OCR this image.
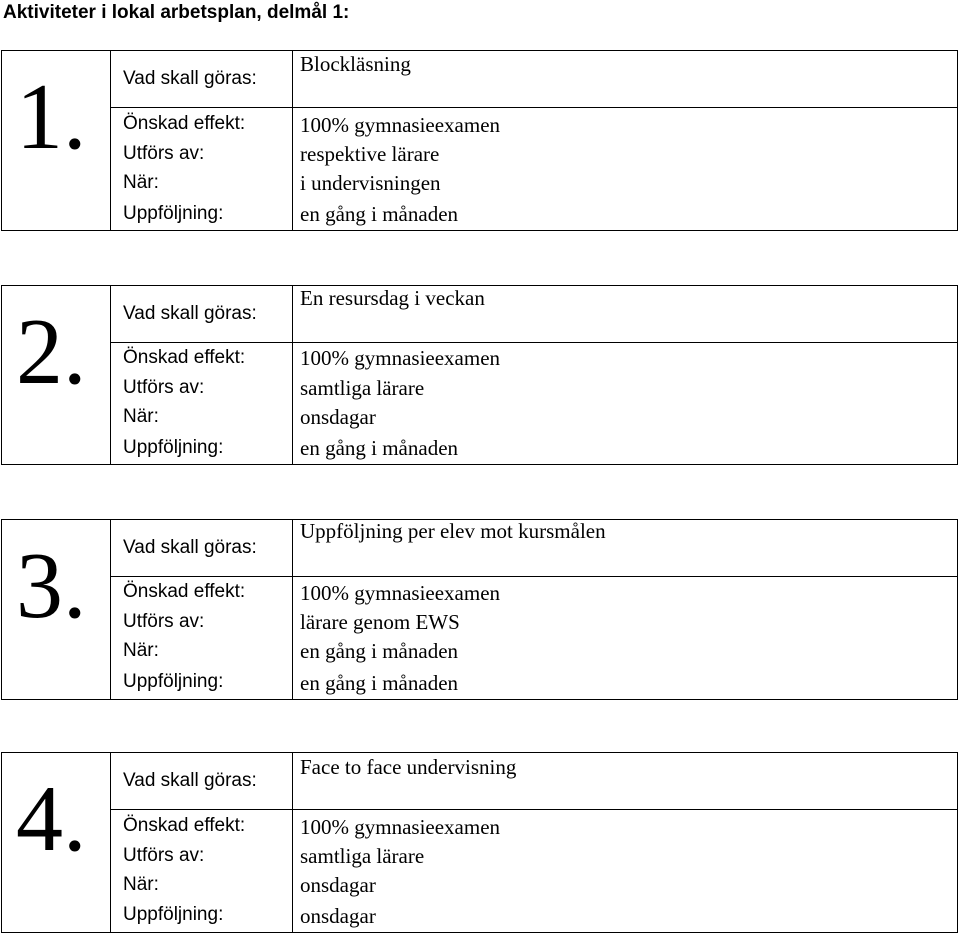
Aktiviteter i lokal arbetsplan, delmål 1:
1. Vad skall göras:
Önskad effekt:
Utförs av:
När:
Uppföljning:
Blockläsning
100% gymnasieexamen
respektive lärare
i undervisningen
en gång i månaden
2. Vad skall göras:
Önskad effekt:
Utförs av:
När:
Uppföljning:
En resursdag i veckan
100% gymnasieexamen
samtliga lärare
onsdagar
en gång i månaden
3. Vad skall göras:
Önskad effekt:
Utförs av:
När:
Uppföljning:
Uppföljning per elev mot kursmålen
100% gymnasieexamen
lärare genom EWS
en gång i månaden
en gång i månaden
4. Vad skall göras:
Önskad effekt:
Utförs av:
När:
Uppföljning:
Face to face undervisning
100% gymnasieexamen
samtliga lärare
onsdagar
onsdagar
